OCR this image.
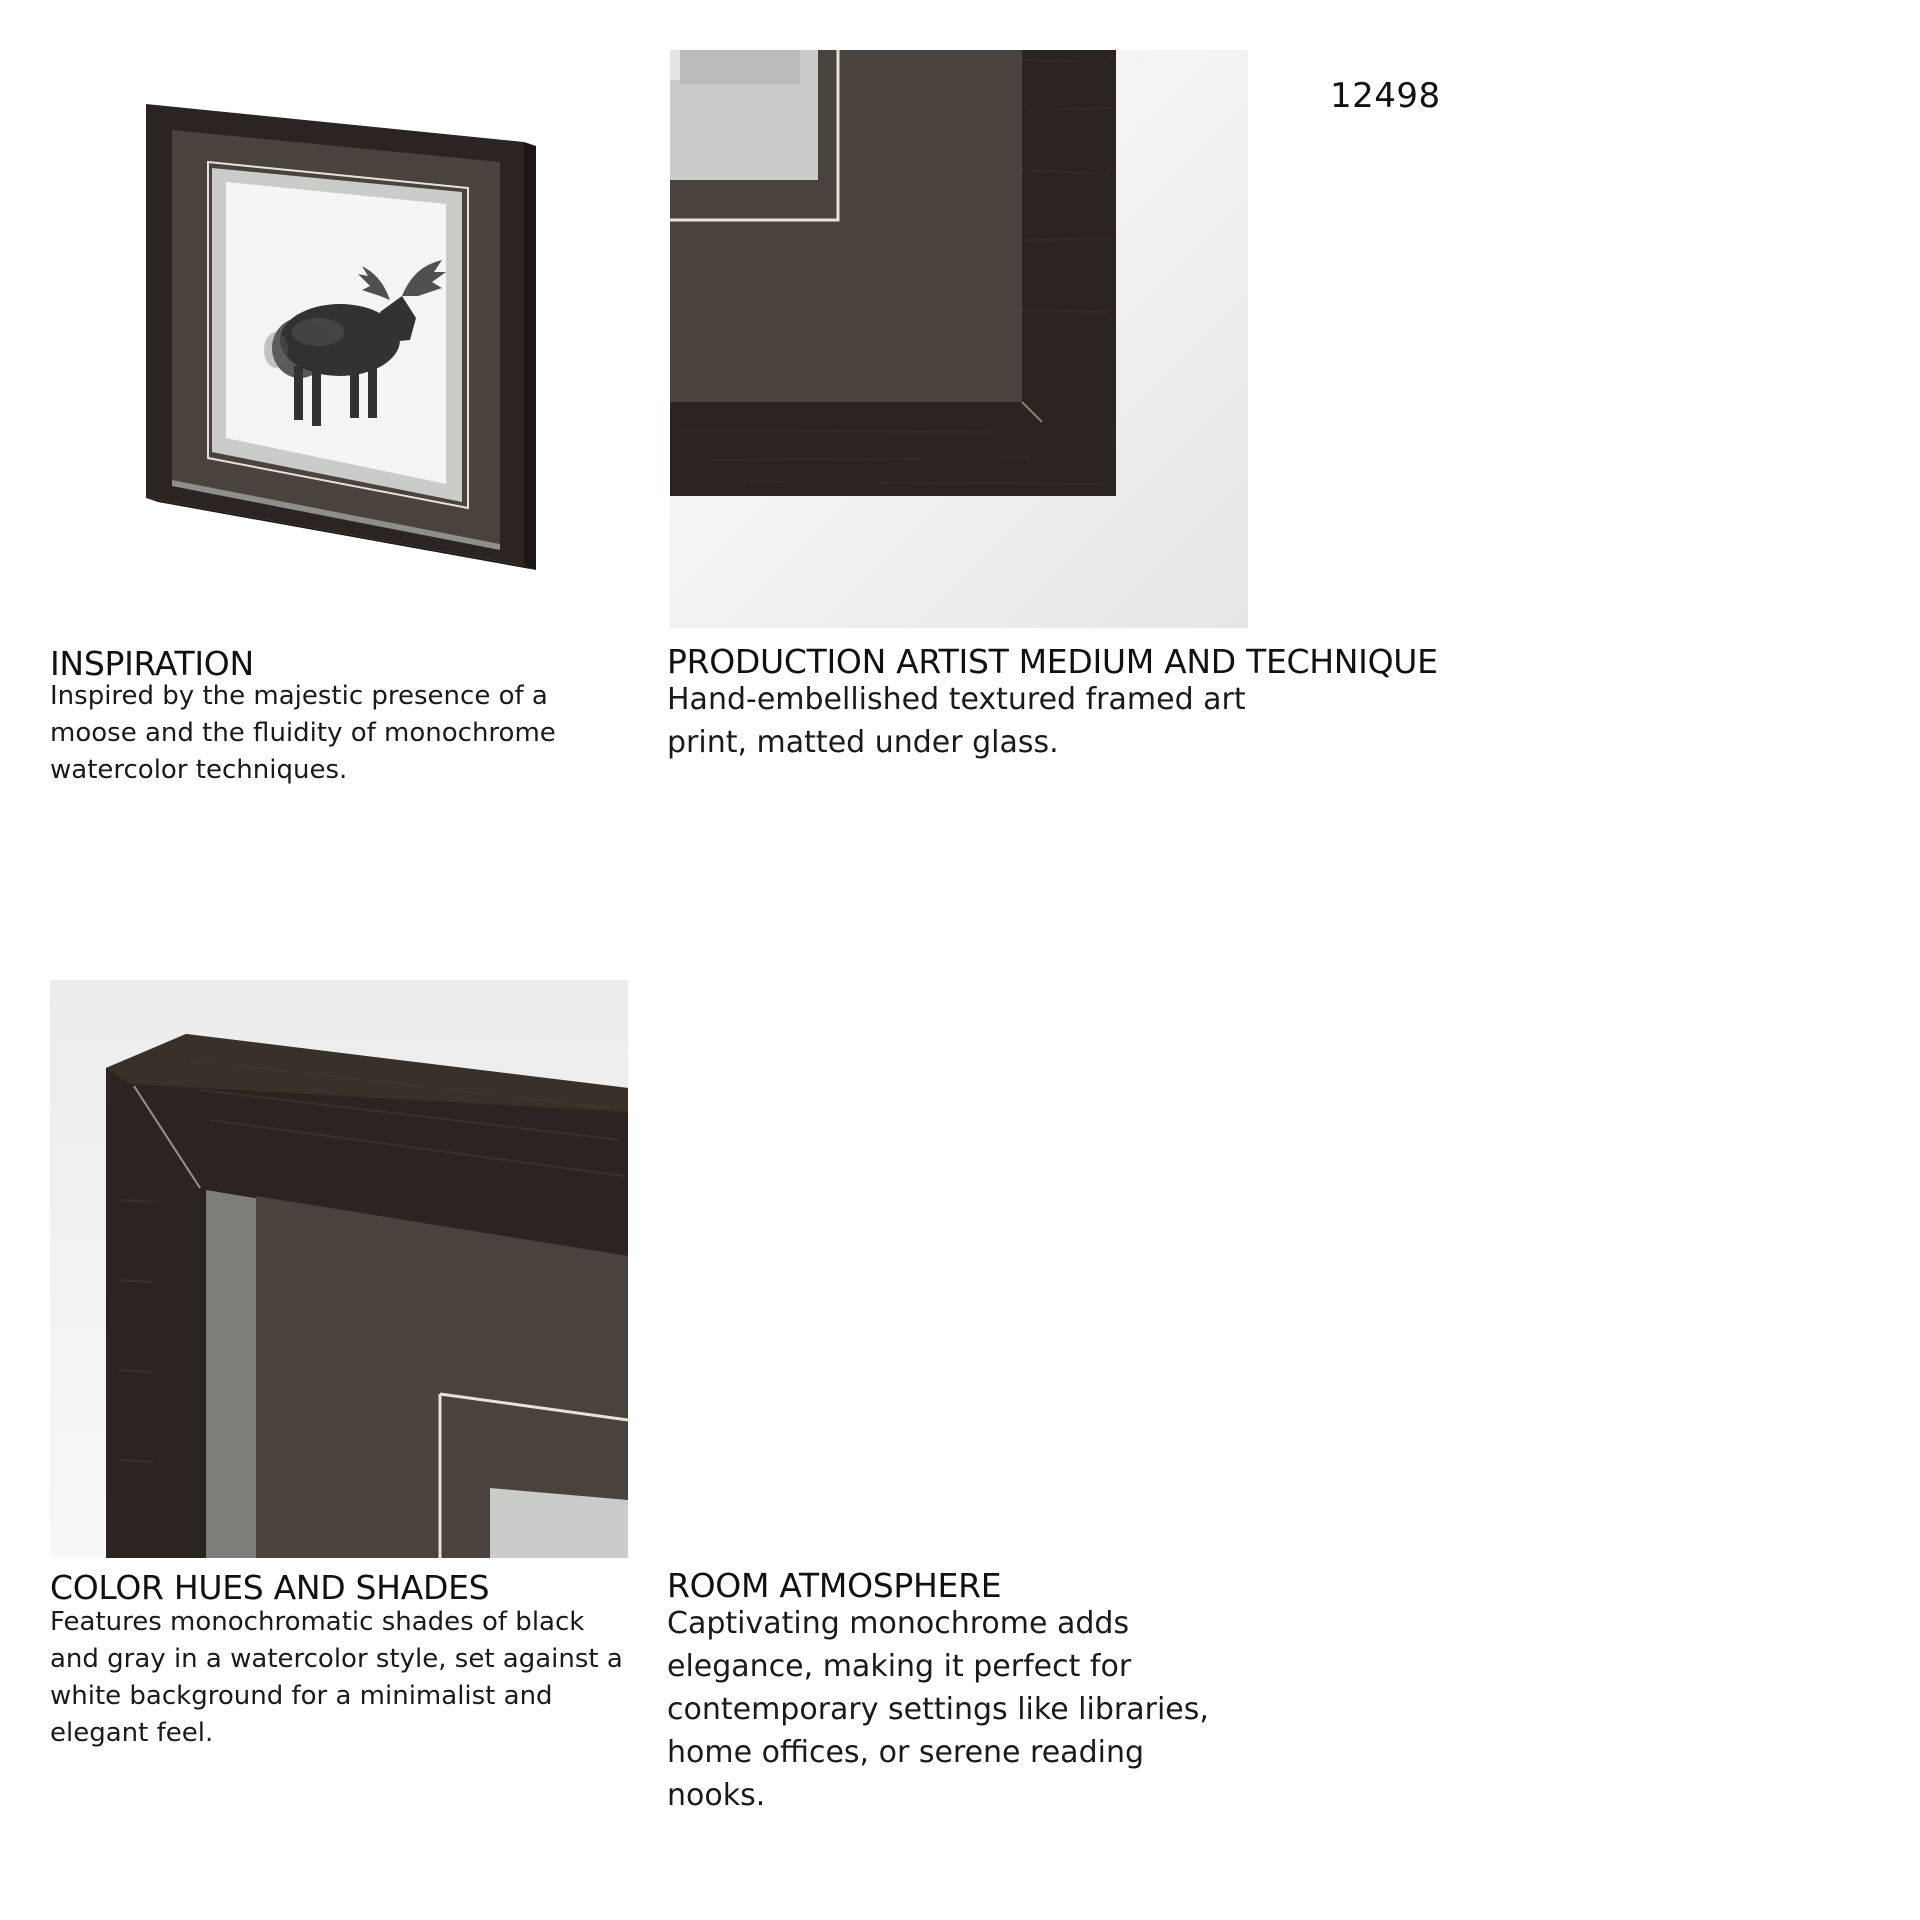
12498
INSPIRATION
Inspired by the majestic presence of a moose and the fluidity of monochrome watercolor techniques.
PRODUCTION ARTIST MEDIUM AND TECHNIQUE
Hand-embellished textured framed art print, matted under glass.
COLOR HUES AND SHADES
Features monochromatic shades of black and gray in a watercolor style, set against a white background for a minimalist and elegant feel.
ROOM ATMOSPHERE
Captivating monochrome adds elegance, making it perfect for contemporary settings like libraries, home offices, or serene reading nooks.
